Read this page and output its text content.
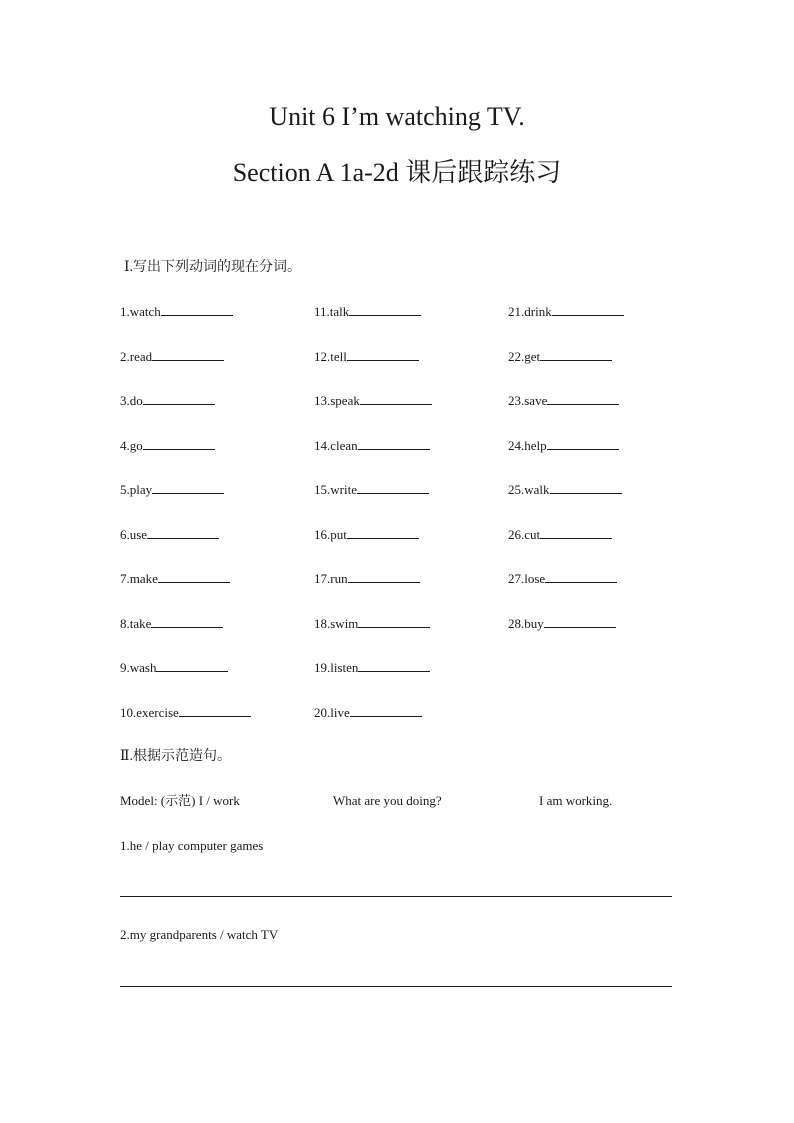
Unit 6 I’m watching TV.
Section A 1a-2d 课后跟踪练习
Ⅰ.写出下列动词的现在分词。
1.watch
2.read
3.do
4.go
5.play
6.use
7.make
8.take
9.wash
10.exercise
11.talk
12.tell
13.speak
14.clean
15.write
16.put
17.run
18.swim
19.listen
20.live
21.drink
22.get
23.save
24.help
25.walk
26.cut
27.lose
28.buy
Ⅱ.根据示范造句。
Model: (示范) I / work	What are you doing?	I am working.
1.he / play computer games
2.my grandparents / watch TV
